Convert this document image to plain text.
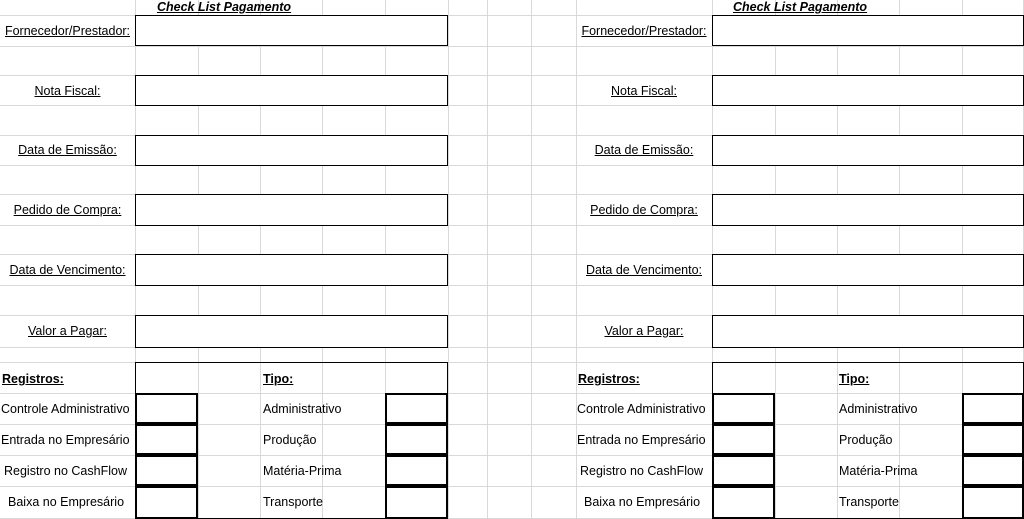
Check List Pagamento
Fornecedor/Prestador:
Nota Fiscal:
Data de Emissão:
Pedido de Compra:
Data de Vencimento:
Valor a Pagar:
Registros:	Tipo:
Controle Administrativo	Administrativo
Entrada no Empresário	Produção
Registro no CashFlow	Matéria-Prima
Baixa no Empresário	Transporte
Check List Pagamento
Fornecedor/Prestador:
Nota Fiscal:
Data de Emissão:
Pedido de Compra:
Data de Vencimento:
Valor a Pagar:
Registros:	Tipo:
Controle Administrativo	Administrativo
Entrada no Empresário	Produção
Registro no CashFlow	Matéria-Prima
Baixa no Empresário	Transporte
